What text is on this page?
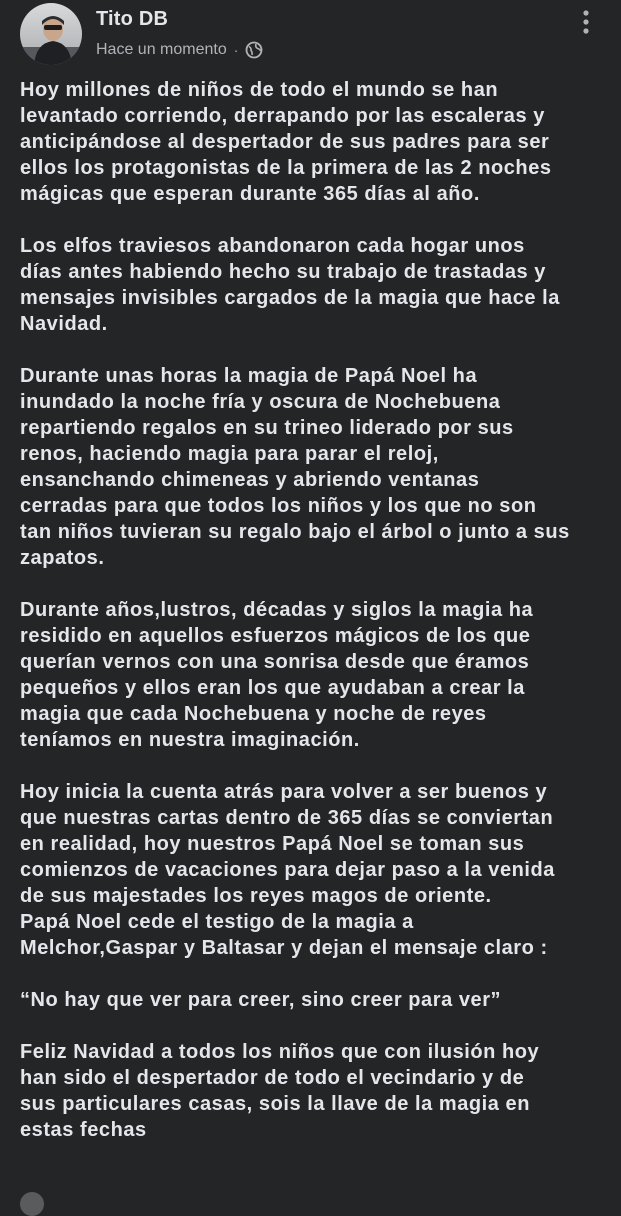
Tito DB
Hace un momento ·

Hoy millones de niños de todo el mundo se han
levantado corriendo, derrapando por las escaleras y
anticipándose al despertador de sus padres para ser
ellos los protagonistas de la primera de las 2 noches
mágicas que esperan durante 365 días al año.

Los elfos traviesos abandonaron cada hogar unos
días antes habiendo hecho su trabajo de trastadas y
mensajes invisibles cargados de la magia que hace la
Navidad.

Durante unas horas la magia de Papá Noel ha
inundado la noche fría y oscura de Nochebuena
repartiendo regalos en su trineo liderado por sus
renos, haciendo magia para parar el reloj,
ensanchando chimeneas y abriendo ventanas
cerradas para que todos los niños y los que no son
tan niños tuvieran su regalo bajo el árbol o junto a sus
zapatos.

Durante años,lustros, décadas y siglos la magia ha
residido en aquellos esfuerzos mágicos de los que
querían vernos con una sonrisa desde que éramos
pequeños y ellos eran los que ayudaban a crear la
magia que cada Nochebuena y noche de reyes
teníamos en nuestra imaginación.

Hoy inicia la cuenta atrás para volver a ser buenos y
que nuestras cartas dentro de 365 días se conviertan
en realidad, hoy nuestros Papá Noel se toman sus
comienzos de vacaciones para dejar paso a la venida
de sus majestades los reyes magos de oriente.
Papá Noel cede el testigo de la magia a
Melchor,Gaspar y Baltasar y dejan el mensaje claro :

“No hay que ver para creer, sino creer para ver”

Feliz Navidad a todos los niños que con ilusión hoy
han sido el despertador de todo el vecindario y de
sus particulares casas, sois la llave de la magia en
estas fechas
